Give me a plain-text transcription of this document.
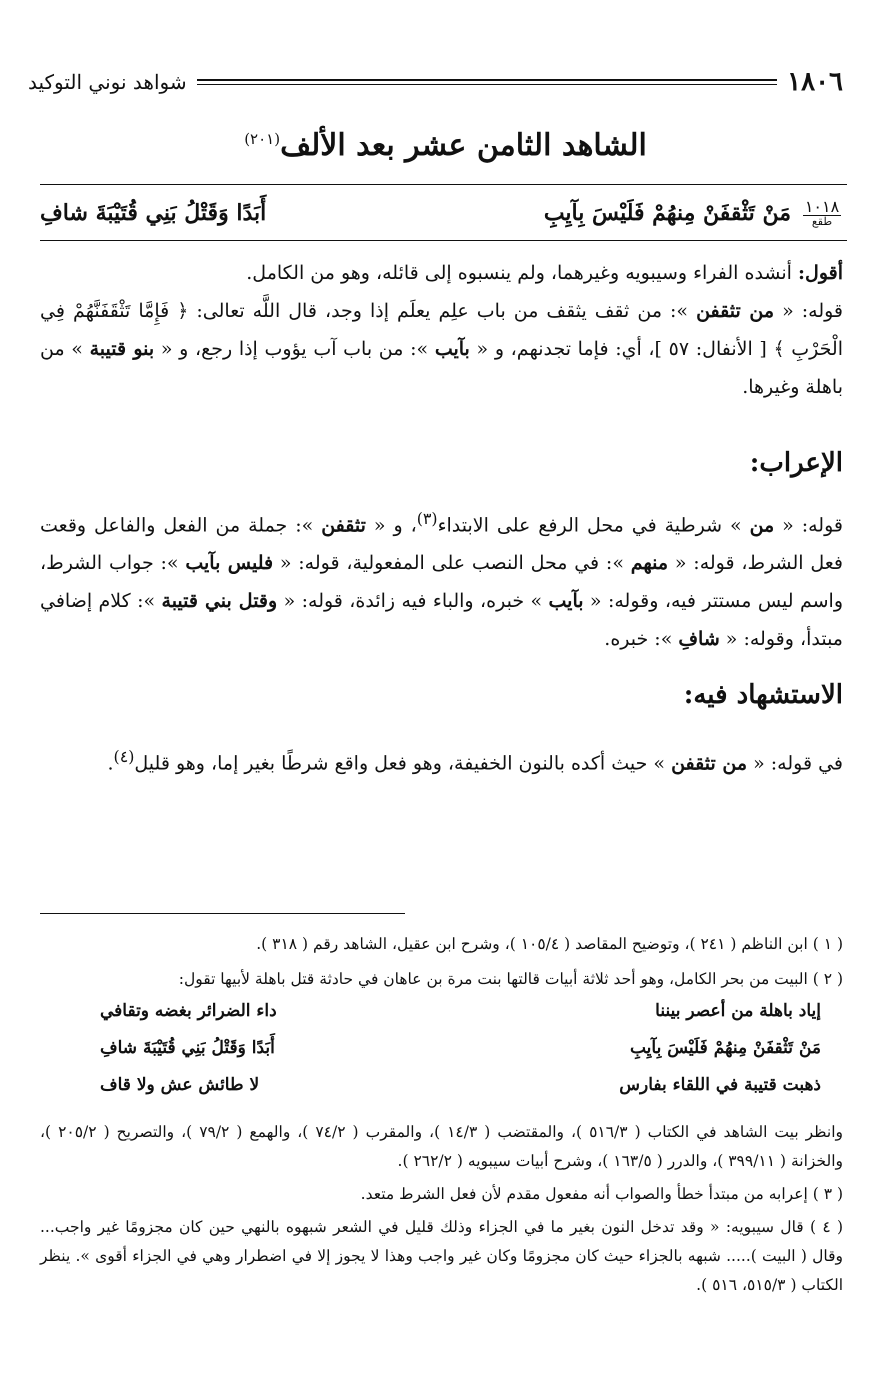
١٨٠٦
شواهد نوني التوكيد
الشاهد الثامن عشر بعد الألف$^{(٢٠١)}$
١٠١٨
طقع
مَنْ تَثْقفَنْ مِنهُمْ فَلَيْسَ بِآيِبِ
أَبَدًا وَقَتْلُ بَنِي قُتَيْبَةَ شافِ
أقول: أنشده الفراء وسيبويه وغيرهما، ولم ينسبوه إلى قائله، وهو من الكامل.
قوله: « من تثقفن »: من ثقف يثقف من باب علِم يعلَم إذا وجد، قال اللَّه تعالى: ﴿ فَإِمَّا تَثْقَفَنَّهُمْ فِي الْحَرْبِ ﴾ [ الأنفال: ٥٧ ]، أي: فإما تجدنهم، و « بآيب »: من باب آب يؤوب إذا رجع، و « بنو قتيبة » من باهلة وغيرها.
الإعراب:
قوله: « من » شرطية في محل الرفع على الابتداء$^{(٣)}$، و « تثقفن »: جملة من الفعل والفاعل وقعت فعل الشرط، قوله: « منهم »: في محل النصب على المفعولية، قوله: « فليس بآيب »: جواب الشرط، واسم ليس مستتر فيه، وقوله: « بآيب » خبره، والباء فيه زائدة، قوله: « وقتل بني قتيبة »: كلام إضافي مبتدأ، وقوله: « شافِ »: خبره.
الاستشهاد فيه:
في قوله: « من تثقفن » حيث أكده بالنون الخفيفة، وهو فعل واقع شرطًا بغير إما، وهو قليل$^{(٤)}$.
( ١ ) ابن الناظم ( ٢٤١ )، وتوضيح المقاصد ( ١٠٥/٤ )، وشرح ابن عقيل، الشاهد رقم ( ٣١٨ ).
( ٢ ) البيت من بحر الكامل، وهو أحد ثلاثة أبيات قالتها بنت مرة بن عاهان في حادثة قتل باهلة لأبيها تقول:
إياد باهلة من أعصر بيننا
داء الضرائر بغضه وتقافي
مَنْ تَثْقفَنْ مِنهُمْ فَلَيْسَ بِآيِبِ
أَبَدًا وَقَتْلُ بَنِي قُتَيْبَةَ شافِ
ذهبت قتيبة في اللقاء بفارس
لا طائش عش ولا قاف
وانظر بيت الشاهد في الكتاب ( ٥١٦/٣ )، والمقتضب ( ١٤/٣ )، والمقرب ( ٧٤/٢ )، والهمع ( ٧٩/٢ )، والتصريح ( ٢٠٥/٢ )، والخزانة ( ٣٩٩/١١ )، والدرر ( ١٦٣/٥ )، وشرح أبيات سيبويه ( ٢٦٢/٢ ).
( ٣ ) إعرابه من مبتدأ خطأ والصواب أنه مفعول مقدم لأن فعل الشرط متعد.
( ٤ ) قال سيبويه: « وقد تدخل النون بغير ما في الجزاء وذلك قليل في الشعر شبهوه بالنهي حين كان مجزومًا غير واجب... وقال ( البيت )..... شبهه بالجزاء حيث كان مجزومًا وكان غير واجب وهذا لا يجوز إلا في اضطرار وهي في الجزاء أقوى ». ينظر الكتاب ( ٥١٥/٣، ٥١٦ ).
